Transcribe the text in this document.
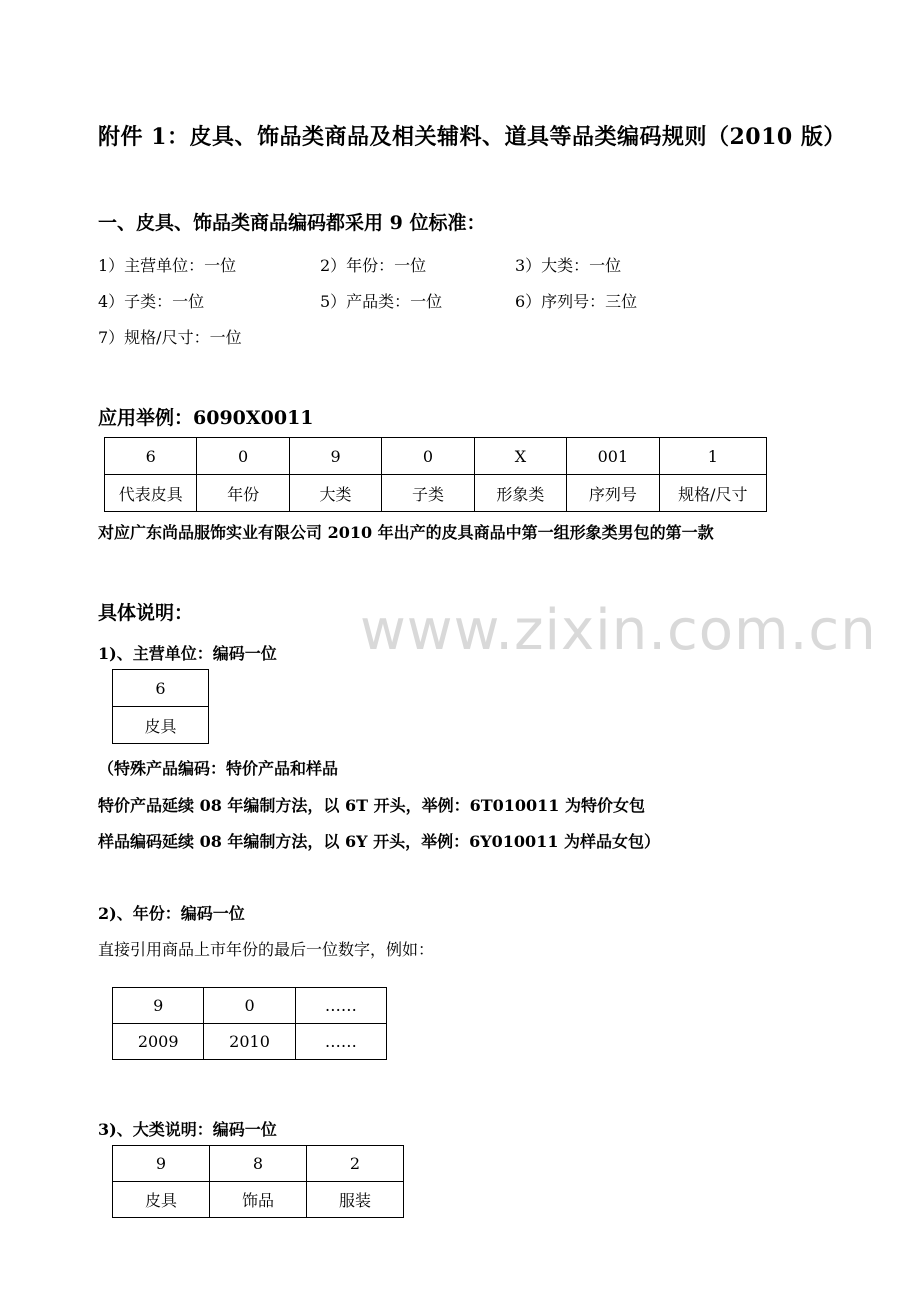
附件 1：皮具、饰品类商品及相关辅料、道具等品类编码规则（2010 版）
一、皮具、饰品类商品编码都采用 9 位标准：
1）主营单位：一位	2）年份：一位	3）大类：一位
4）子类：一位	5）产品类：一位	6）序列号：三位
7）规格/尺寸：一位
应用举例：6090X0011
6	0	9	0	X	001	1
代表皮具	年份	大类	子类	形象类	序列号	规格/尺寸
对应广东尚品服饰实业有限公司 2010 年出产的皮具商品中第一组形象类男包的第一款
具体说明：	www.zixin.com.cn
1)、主营单位：编码一位
6
皮具
（特殊产品编码：特价产品和样品
特价产品延续 08 年编制方法，以 6T 开头，举例：6T010011 为特价女包
样品编码延续 08 年编制方法，以 6Y 开头，举例：6Y010011 为样品女包）
2)、年份：编码一位
直接引用商品上市年份的最后一位数字，例如：
9	0	……
2009	2010	……
3)、大类说明：编码一位
9	8	2
皮具	饰品	服装
